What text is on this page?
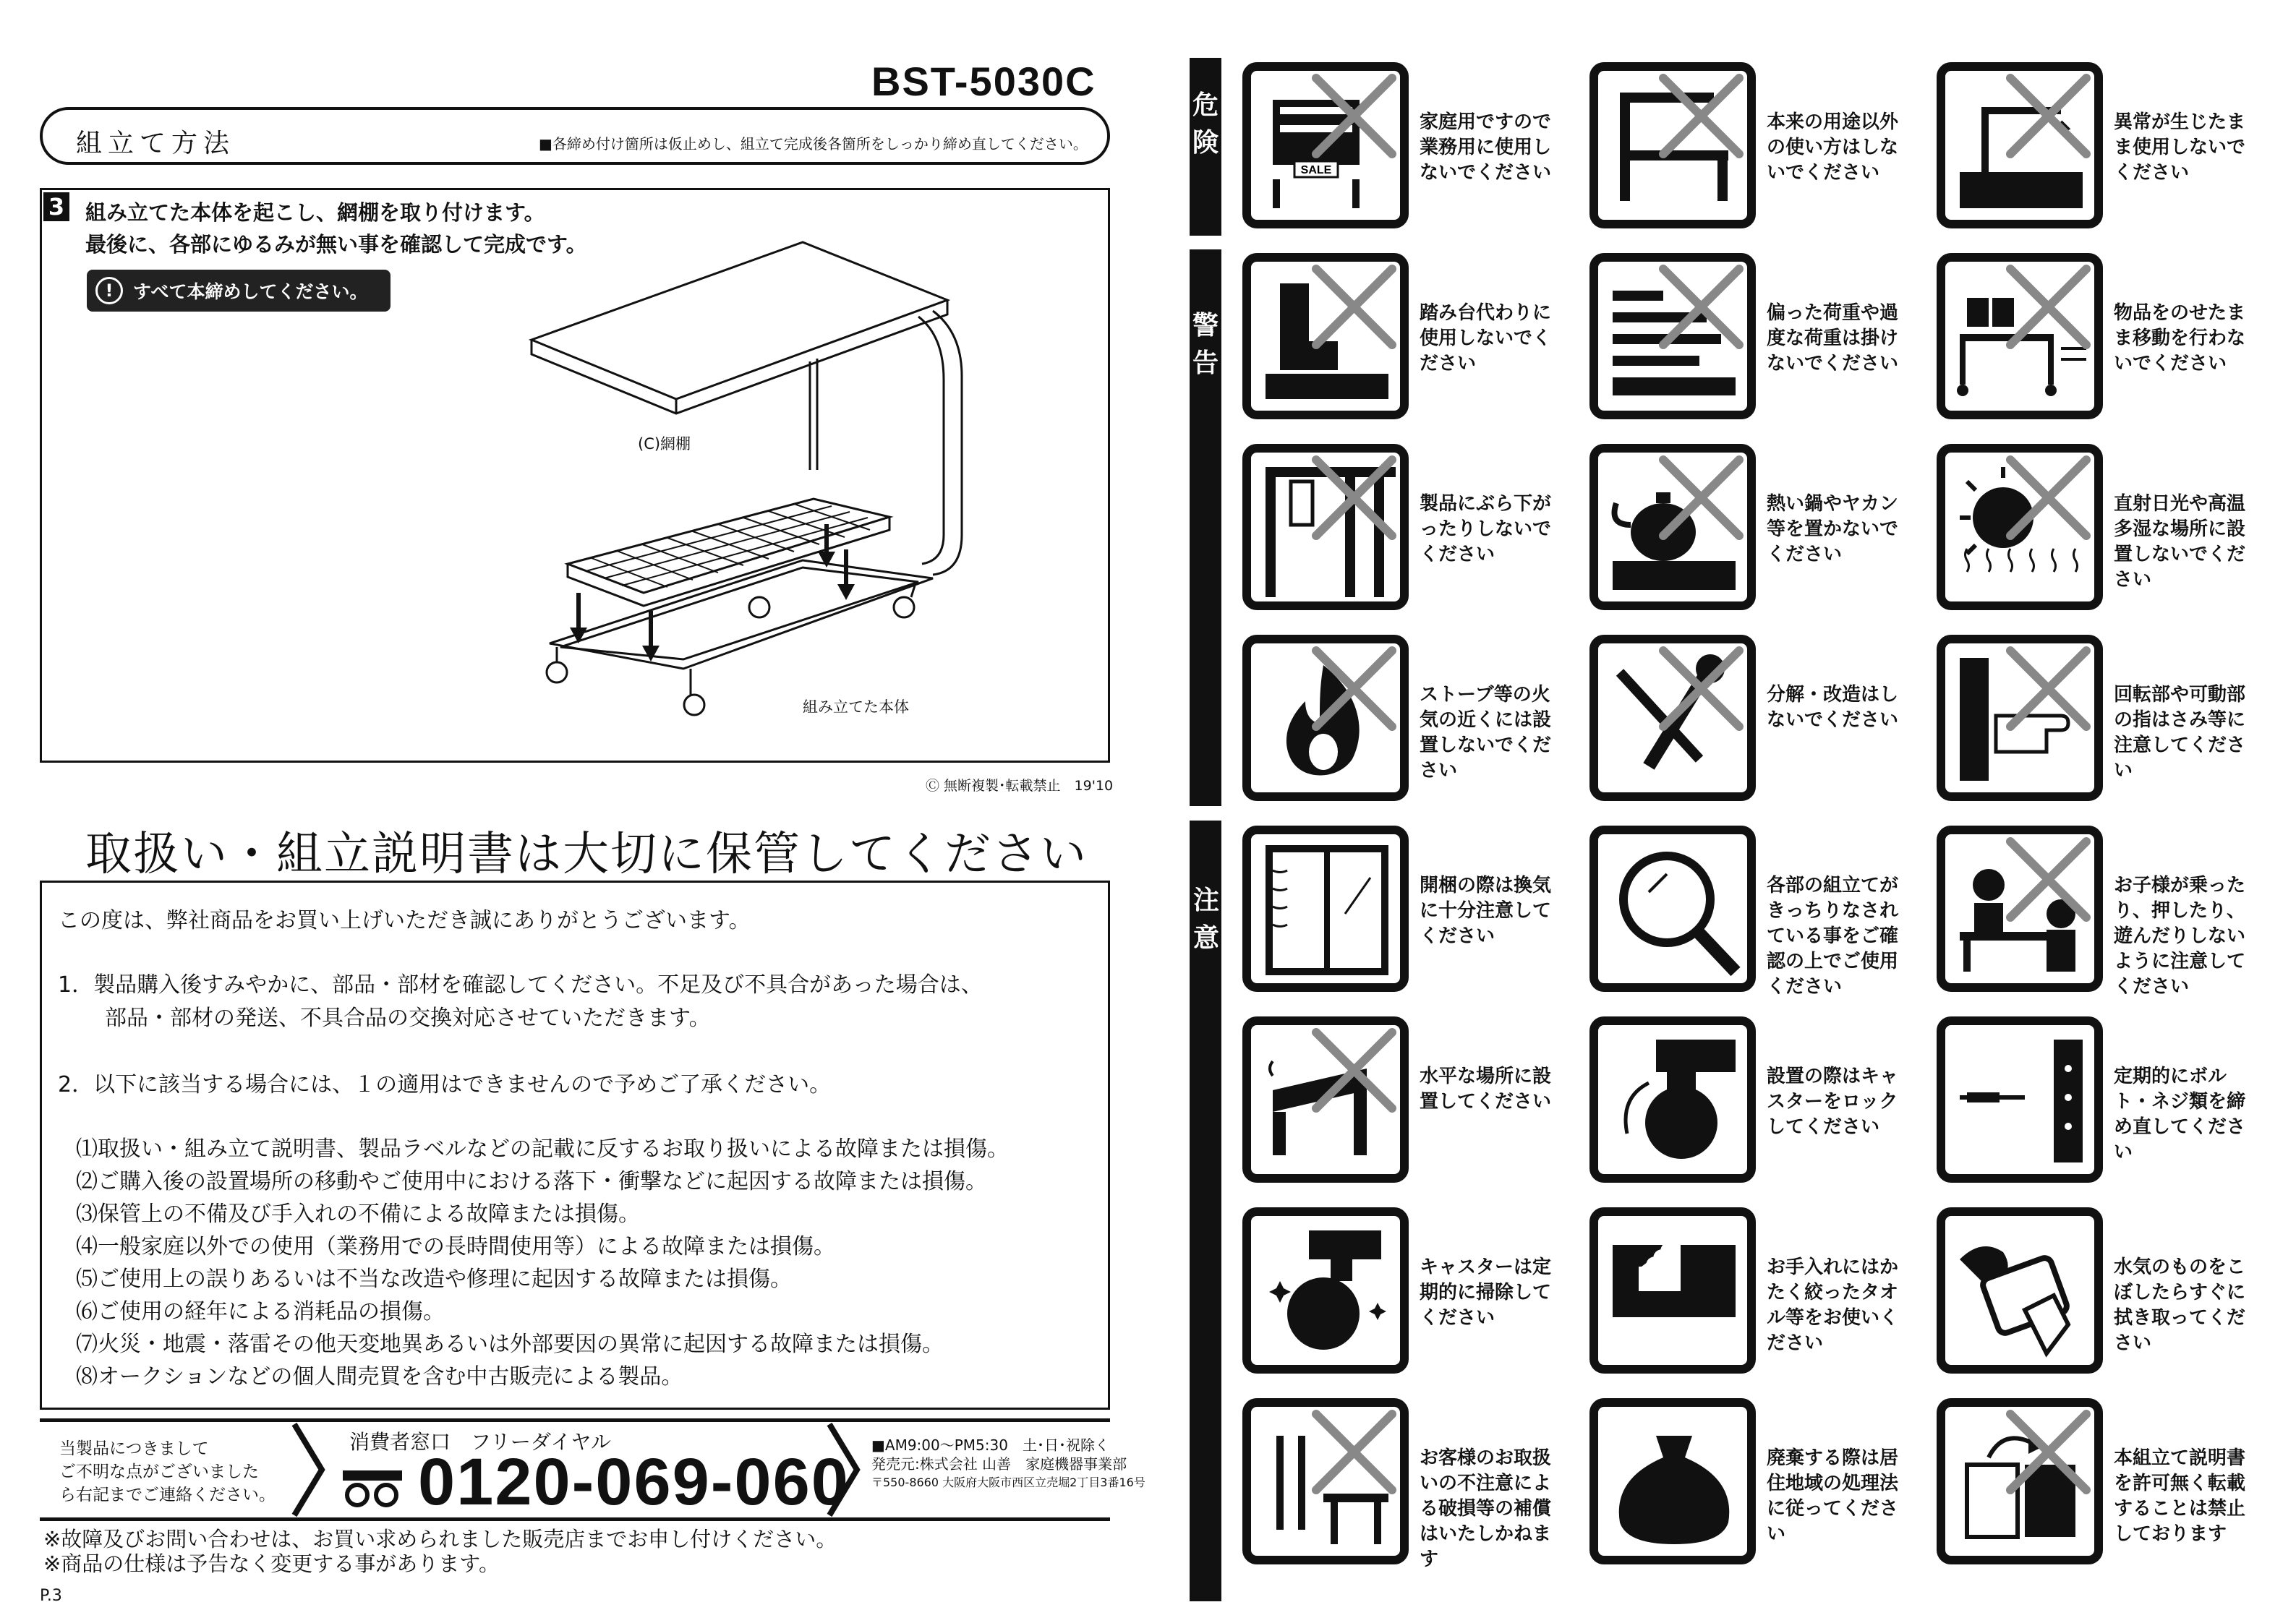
BST-5030C
組立て方法	■各締め付け箇所は仮止めし、組立て完成後各箇所をしっかり締め直してください。
3 組み立てた本体を起こし、網棚を取り付けます。
最後に、各部にゆるみが無い事を確認して完成です。
!	すべて本締めしてください。
(C)網棚
組み立てた本体
Ⓒ 無断複製･転載禁止　19'10
取扱い・組立説明書は大切に保管してください
この度は、弊社商品をお買い上げいただき誠にありがとうございます。
1．製品購入後すみやかに、部品・部材を確認してください。不足及び不具合があった場合は、
部品・部材の発送、不具合品の交換対応させていただきます。
2．以下に該当する場合には、１の適用はできませんので予めご了承ください。
⑴取扱い・組み立て説明書、製品ラベルなどの記載に反するお取り扱いによる故障または損傷。
⑵ご購入後の設置場所の移動やご使用中における落下・衝撃などに起因する故障または損傷。
⑶保管上の不備及び手入れの不備による故障または損傷。
⑷一般家庭以外での使用（業務用での長時間使用等）による故障または損傷。
⑸ご使用上の誤りあるいは不当な改造や修理に起因する故障または損傷。
⑹ご使用の経年による消耗品の損傷。
⑺火災・地震・落雷その他天変地異あるいは外部要因の異常に起因する故障または損傷。
⑻オークションなどの個人間売買を含む中古販売による製品。
当製品につきまして
ご不明な点がございました
ら右記までご連絡ください。
消費者窓口　フリーダイヤル
0120-069-060 ■AM9:00〜PM5:30　土･日･祝除く
発売元:株式会社 山善　家庭機器事業部
〒550-8660 大阪府大阪市西区立売堀2丁目3番16号
※故障及びお問い合わせは、お買い求められました販売店までお申し付けください。
※商品の仕様は予告なく変更する事があります。
P.3
危険
警告
注意
SALE
家庭用ですので業務用に使用しないでください
本来の用途以外の使い方はしないでください
異常が生じたまま使用しないでください
踏み台代わりに使用しないでください
偏った荷重や過度な荷重は掛けないでください
物品をのせたまま移動を行わないでください
製品にぶら下がったりしないでください
熱い鍋やヤカン等を置かないでください
直射日光や高温多湿な場所に設置しないでください
ストーブ等の火気の近くには設置しないでください
分解・改造はしないでください
回転部や可動部の指はさみ等に注意してください
開梱の際は換気に十分注意してください
各部の組立てがきっちりなされている事をご確認の上でご使用ください
お子様が乗ったり、押したり、遊んだりしないように注意してください
水平な場所に設置してください
設置の際はキャスターをロックしてください
定期的にボルト・ネジ類を締め直してください
キャスターは定期的に掃除してください
お手入れにはかたく絞ったタオル等をお使いください
水気のものをこぼしたらすぐに拭き取ってください
お客様のお取扱いの不注意による破損等の補償はいたしかねます
廃棄する際は居住地域の処理法に従ってください
本組立て説明書を許可無く転載することは禁止しております
P.4
